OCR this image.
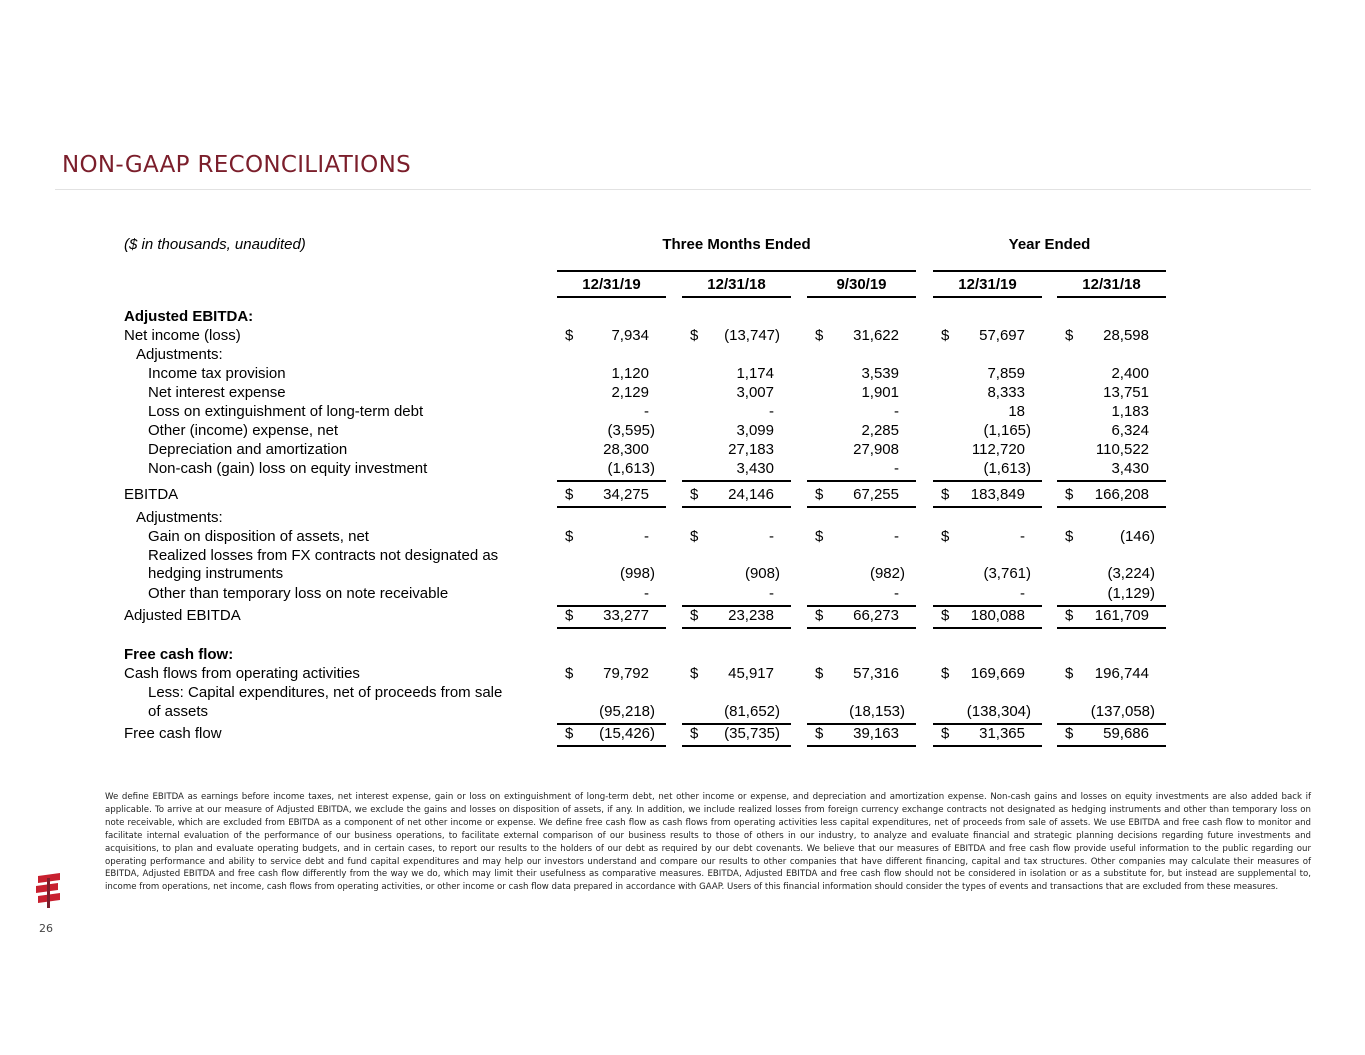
NON-GAAP RECONCILIATIONS
($ in thousands, unaudited)	Three Months Ended	Year Ended
12/31/19	12/31/18	9/30/19	12/31/19	12/31/18
Adjusted EBITDA:
Net income (loss)	$	7,934	$ (13,747) $ 31,622	$ 57,697	$ 28,598
Adjustments:
Income tax provision	1,120	1,174	3,539	7,859	2,400
Net interest expense	2,129	3,007	1,901	8,333	13,751
Loss on extinguishment of long-term debt	-	-	-	18	1,183
Other (income) expense, net	(3,595)	3,099	2,285	(1,165)	6,324
Depreciation and amortization	28,300	27,183	27,908	112,720	110,522
Non-cash (gain) loss on equity investment	(1,613)	3,430	-	(1,613)	3,430
EBITDA	$ 34,275	$ 24,146	$ 67,255	$ 183,849	$ 166,208
Adjustments:
Gain on disposition of assets, net	$	-	$	-	$	-	$	-	$	(146)
Realized losses from FX contracts not designated as
hedging instruments	(998)	(908)	(982)	(3,761)	(3,224)
Other than temporary loss on note receivable	-	-	-	-	(1,129)
Adjusted EBITDA	$ 33,277	$ 23,238	$ 66,273	$ 180,088	$ 161,709
Free cash flow:
Cash flows from operating activities	$ 79,792	$ 45,917	$ 57,316	$ 169,669	$ 196,744
Less: Capital expenditures, net of proceeds from sale
of assets	(95,218)	(81,652)	(18,153)	(138,304)	(137,058)
Free cash flow	$ (15,426) $ (35,735) $ 39,163	$ 31,365	$ 59,686
We define EBITDA as earnings before income taxes, net interest expense, gain or loss on extinguishment of long-term debt, net other income or expense, and depreciation and amortization expense. Non-cash gains and losses on equity investments are also added back if applicable. To arrive at our measure of Adjusted EBITDA, we exclude the gains and losses on disposition of assets, if any. In addition, we include realized losses from foreign currency exchange contracts not designated as hedging instruments and other than temporary loss on note receivable, which are excluded from EBITDA as a component of net other income or expense. We define free cash flow as cash flows from operating activities less capital expenditures, net of proceeds from sale of assets. We use EBITDA and free cash flow to monitor and facilitate internal evaluation of the performance of our business operations, to facilitate external comparison of our business results to those of others in our industry, to analyze and evaluate financial and strategic planning decisions regarding future investments and acquisitions, to plan and evaluate operating budgets, and in certain cases, to report our results to the holders of our debt as required by our debt covenants. We believe that our measures of EBITDA and free cash flow provide useful information to the public regarding our operating performance and ability to service debt and fund capital expenditures and may help our investors understand and compare our results to other companies that have different financing, capital and tax structures. Other companies may calculate their measures of EBITDA, Adjusted EBITDA and free cash flow differently from the way we do, which may limit their usefulness as comparative measures. EBITDA, Adjusted EBITDA and free cash flow should not be considered in isolation or as a substitute for, but instead are supplemental to, income from operations, net income, cash flows from operating activities, or other income or cash flow data prepared in accordance with GAAP. Users of this financial information should consider the types of events and transactions that are excluded from these measures.
26
